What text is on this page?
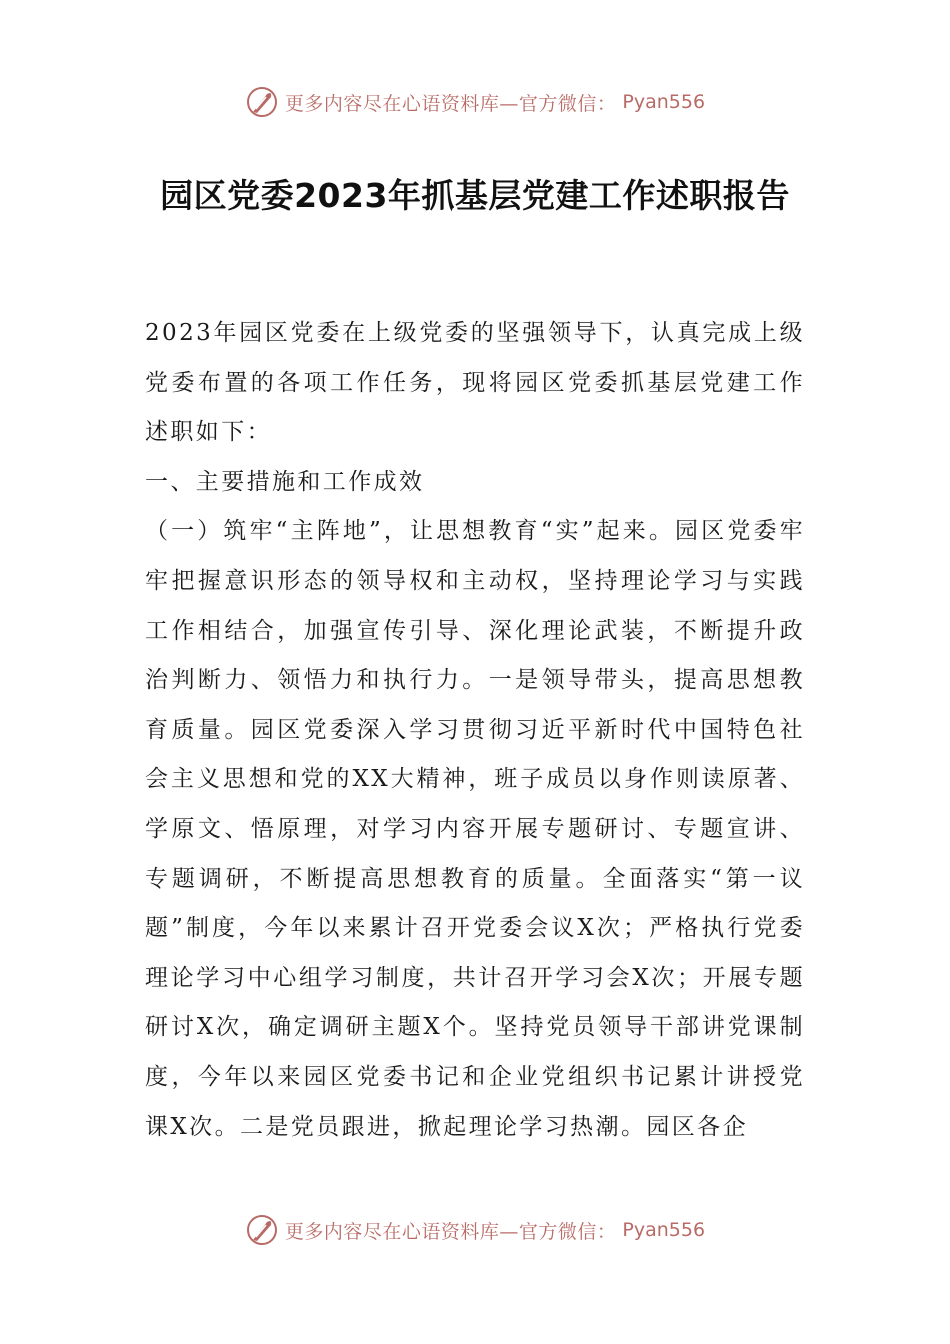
更多内容尽在心语资料库—官方微信： Pyan556
园区党委2023年抓基层党建工作述职报告

2023年园区党委在上级党委的坚强领导下，认真完成上级党委布置的各项工作任务，现将园区党委抓基层党建工作述职如下：

一、主要措施和工作成效

（一）筑牢“主阵地”，让思想教育“实”起来。园区党委牢牢把握意识形态的领导权和主动权，坚持理论学习与实践工作相结合，加强宣传引导、深化理论武装，不断提升政治判断力、领悟力和执行力。一是领导带头，提高思想教育质量。园区党委深入学习贯彻习近平新时代中国特色社会主义思想和党的XX大精神，班子成员以身作则读原著、学原文、悟原理，对学习内容开展专题研讨、专题宣讲、专题调研，不断提高思想教育的质量。全面落实“第一议题”制度，今年以来累计召开党委会议X次；严格执行党委理论学习中心组学习制度，共计召开学习会X次；开展专题研讨X次，确定调研主题X个。坚持党员领导干部讲党课制度，今年以来园区党委书记和企业党组织书记累计讲授党课X次。二是党员跟进，掀起理论学习热潮。园区各企

更多内容尽在心语资料库—官方微信： Pyan556
